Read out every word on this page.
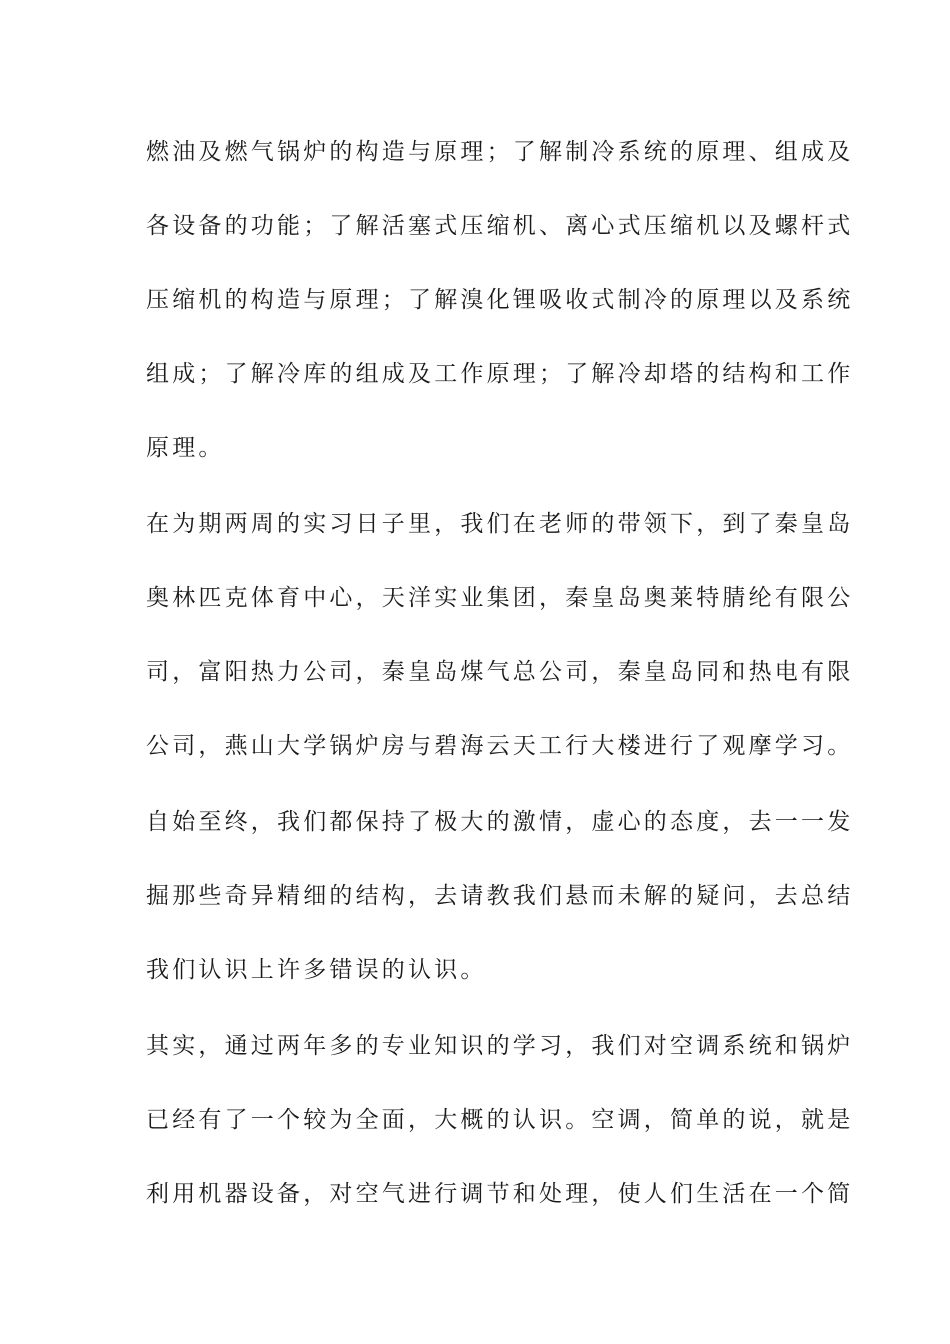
燃油及燃气锅炉的构造与原理；了解制冷系统的原理、组成及
各设备的功能；了解活塞式压缩机、离心式压缩机以及螺杆式
压缩机的构造与原理；了解溴化锂吸收式制冷的原理以及系统
组成；了解冷库的组成及工作原理；了解冷却塔的结构和工作
原理。
在为期两周的实习日子里，我们在老师的带领下，到了秦皇岛
奥林匹克体育中心，天洋实业集团，秦皇岛奥莱特腈纶有限公
司，富阳热力公司，秦皇岛煤气总公司，秦皇岛同和热电有限
公司，燕山大学锅炉房与碧海云天工行大楼进行了观摩学习。
自始至终，我们都保持了极大的激情，虚心的态度，去一一发
掘那些奇异精细的结构，去请教我们悬而未解的疑问，去总结
我们认识上许多错误的认识。
其实，通过两年多的专业知识的学习，我们对空调系统和锅炉
已经有了一个较为全面，大概的认识。空调，简单的说，就是
利用机器设备，对空气进行调节和处理，使人们生活在一个简
